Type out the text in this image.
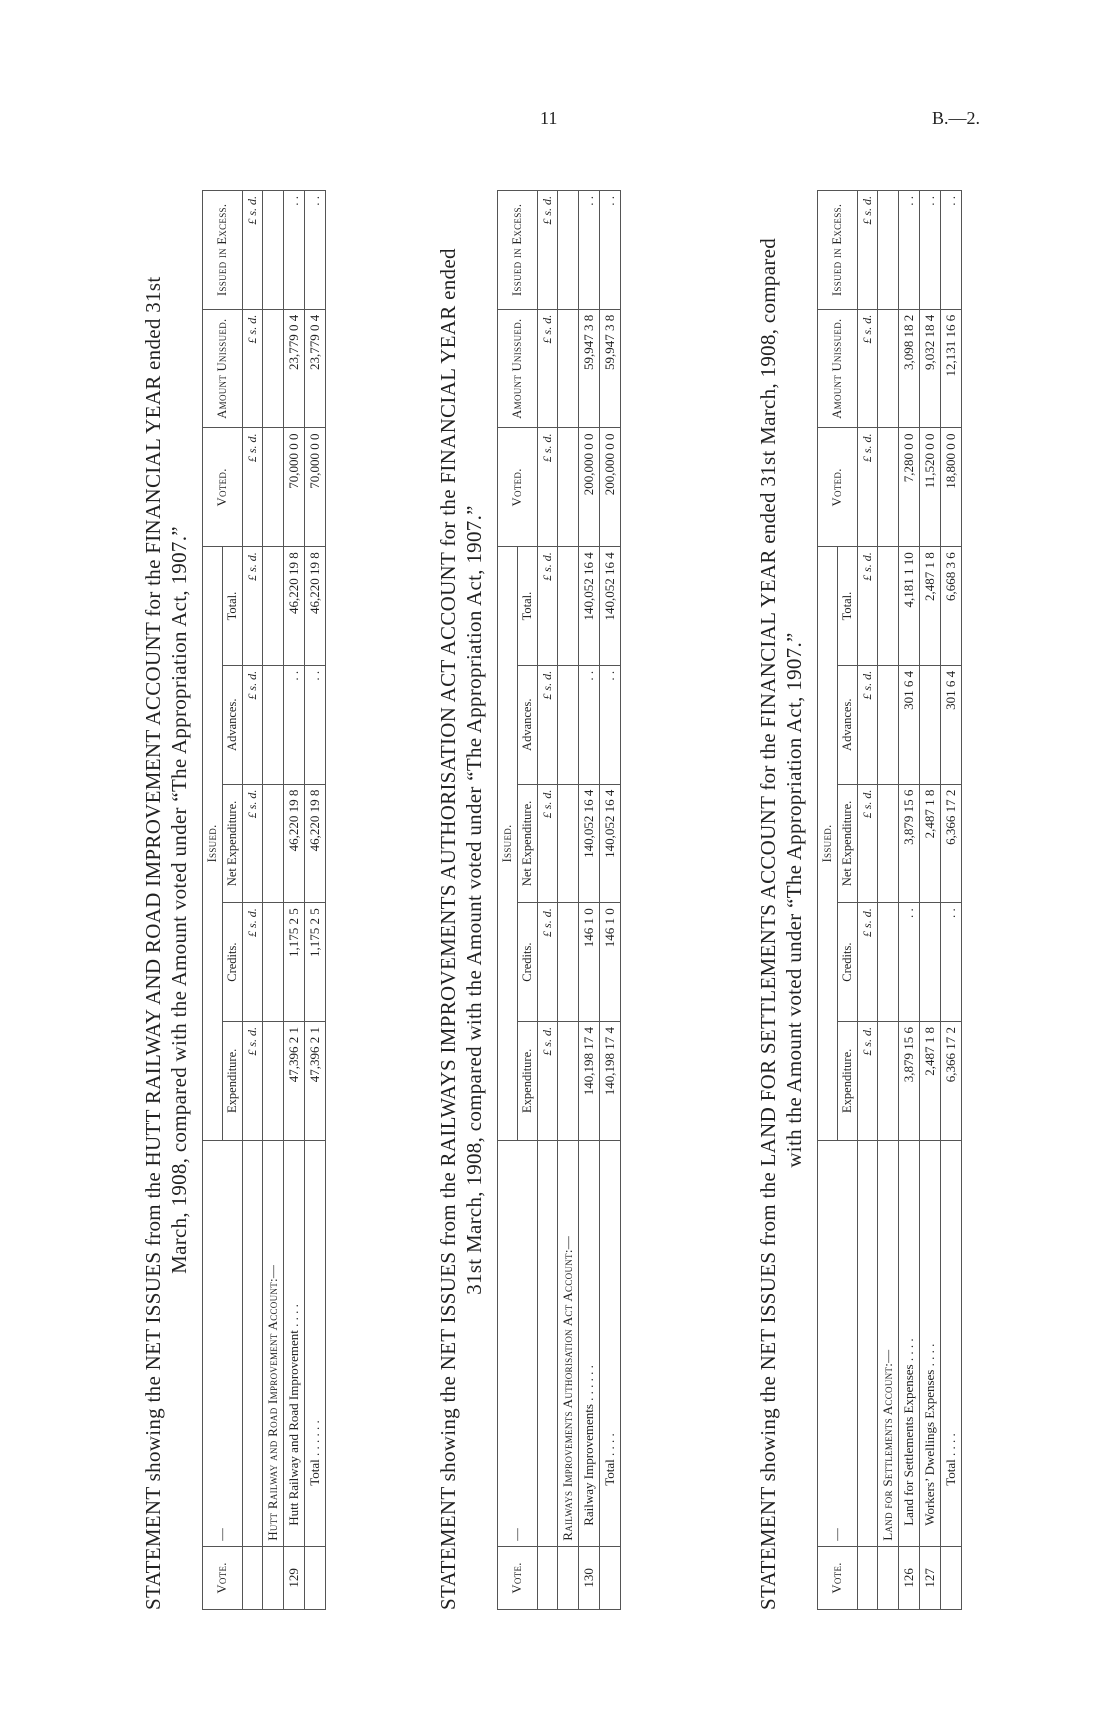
11	B.—2.
STATEMENT showing the NET ISSUES from the HUTT RAILWAY AND ROAD IMPROVEMENT ACCOUNT for the FINANCIAL YEAR ended 31st March, 1908, compared with the Amount voted under “The Appropriation Act, 1907.”
Vote.	—	Issued.					Voted.	Amount Unissued.	Issued in Excess.
		Expenditure.	Credits.	Net Expenditure.	Advances.	Total.			
		£ s. d.	£ s. d.	£ s. d.	£ s. d.	£ s. d.	£ s. d.	£ s. d.	£ s. d.
	Hutt Railway and Road Improvement Account:—								
129	Hutt Railway and Road Improvement . . . .	47,396 2 1	1,175 2 5	46,220 19 8	. .	46,220 19 8	70,000 0 0	23,779 0 4	. .
	Total . . . . . .	47,396 2 1	1,175 2 5	46,220 19 8	. .	46,220 19 8	70,000 0 0	23,779 0 4	. .
STATEMENT showing the NET ISSUES from the RAILWAYS IMPROVEMENTS AUTHORISATION ACT ACCOUNT for the FINANCIAL YEAR ended 31st March, 1908, compared with the Amount voted under “The Appropriation Act, 1907.”
Vote.	—	Issued.					Voted.	Amount Unissued.	Issued in Excess.
		Expenditure.	Credits.	Net Expenditure.	Advances.	Total.			
		£ s. d.	£ s. d.	£ s. d.	£ s. d.	£ s. d.	£ s. d.	£ s. d.	£ s. d.
	Railways Improvements Authorisation Act Account:—								
130	Railway Improvements . . . . . .	140,198 17 4	146 1 0	140,052 16 4	. .	140,052 16 4	200,000 0 0	59,947 3 8	. .
	Total . . . .	140,198 17 4	146 1 0	140,052 16 4	. .	140,052 16 4	200,000 0 0	59,947 3 8	. .
STATEMENT showing the NET ISSUES from the LAND FOR SETTLEMENTS ACCOUNT for the FINANCIAL YEAR ended 31st March, 1908, compared with the Amount voted under “The Appropriation Act, 1907.”
Vote.	—	Issued.					Voted.	Amount Unissued.	Issued in Excess.
		Expenditure.	Credits.	Net Expenditure.	Advances.	Total.			
		£ s. d.	£ s. d.	£ s. d.	£ s. d.	£ s. d.	£ s. d.	£ s. d.	£ s. d.
	Land for Settlements Account:—								
126	Land for Settlements Expenses . . . .	3,879 15 6	. .	3,879 15 6	301 6 4	4,181 1 10	7,280 0 0	3,098 18 2	. .
127	Workers’ Dwellings Expenses . . . .	2,487 1 8		2,487 1 8		2,487 1 8	11,520 0 0	9,032 18 4	. .
	Total . . . .	6,366 17 2	. .	6,366 17 2	301 6 4	6,668 3 6	18,800 0 0	12,131 16 6	. .
